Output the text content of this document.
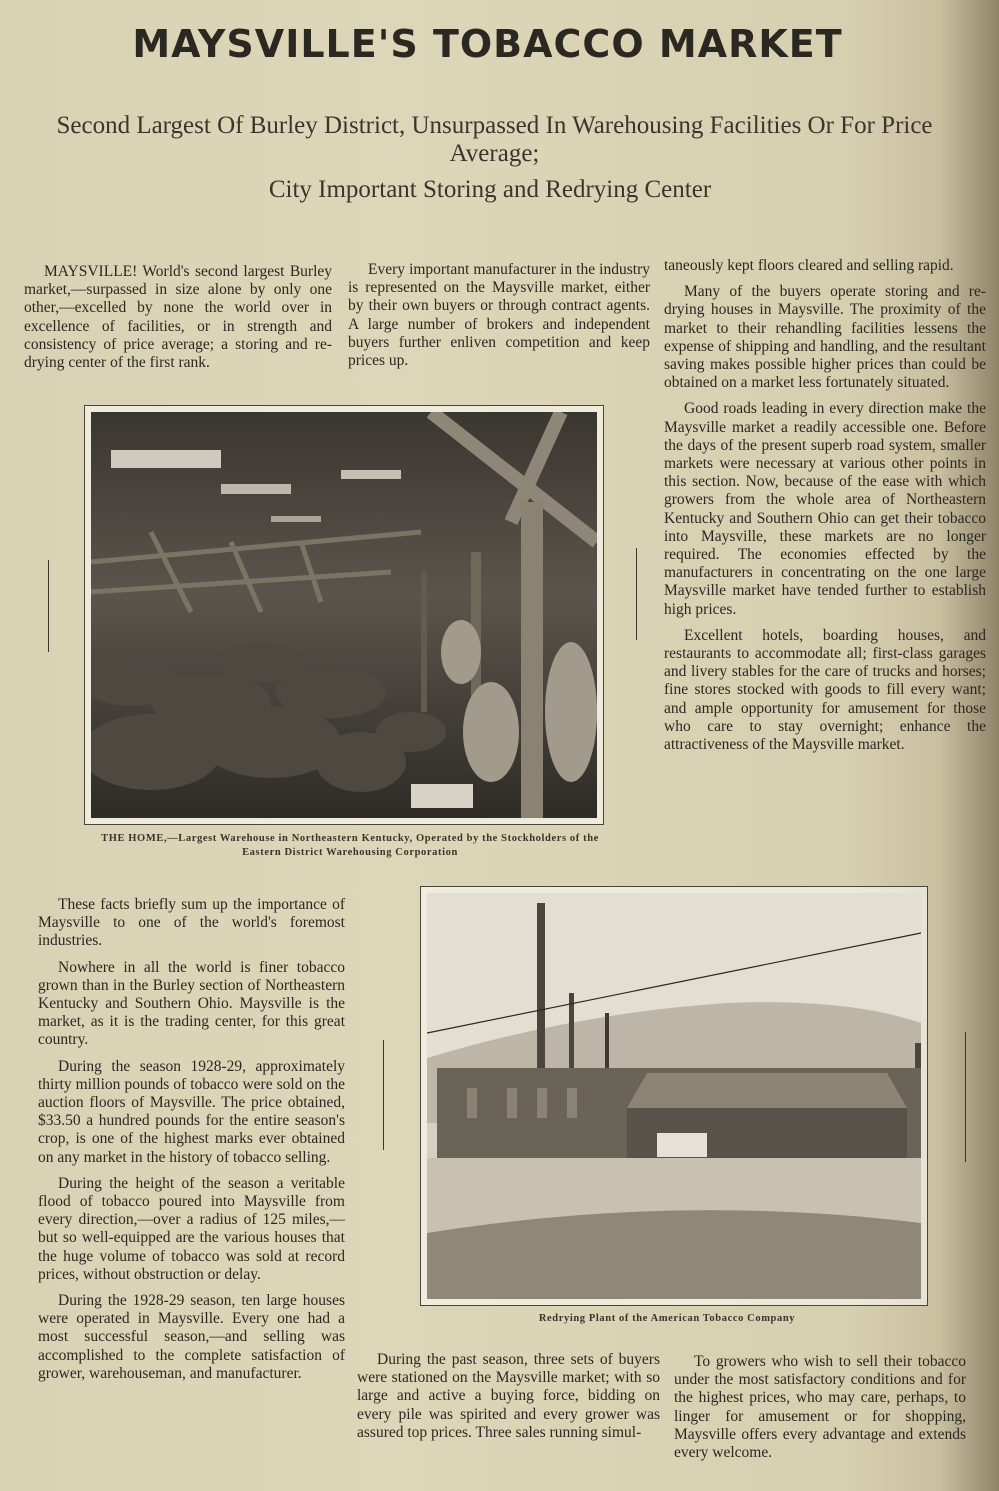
MAYSVILLE'S TOBACCO MARKET
Second Largest Of Burley District, Unsurpassed In Warehousing Facilities Or For Price Average;
City Important Storing and Redrying Center

MAYSVILLE! World's second largest Burley market,—surpassed in size alone by only one other,—excelled by none the world over in excellence of facilities, or in strength and consistency of price average; a storing and re-drying center of the first rank.

Every important manufacturer in the industry is represented on the Maysville market, either by their own buyers or through contract agents. A large number of brokers and independent buyers further enliven competition and keep prices up.

taneously kept floors cleared and selling rapid.

Many of the buyers operate storing and re-drying houses in Maysville. The proximity of the market to their rehandling facilities lessens the expense of shipping and handling, and the resultant saving makes possible higher prices than could be obtained on a market less fortunately situated.

Good roads leading in every direction make the Maysville market a readily accessible one. Before the days of the present superb road system, smaller markets were necessary at various other points in this section. Now, because of the ease with which growers from the whole area of Northeastern Kentucky and Southern Ohio can get their tobacco into Maysville, these markets are no longer required. The economies effected by the manufacturers in concentrating on the one large Maysville market have tended further to establish high prices.

Excellent hotels, boarding houses, and restaurants to accommodate all; first-class garages and livery stables for the care of trucks and horses; fine stores stocked with goods to fill every want; and ample opportunity for amusement for those who care to stay overnight; enhance the attractiveness of the Maysville market.

THE HOME,—Largest Warehouse in Northeastern Kentucky, Operated by the Stockholders of the Eastern District Warehousing Corporation

These facts briefly sum up the importance of Maysville to one of the world's foremost industries.

Nowhere in all the world is finer tobacco grown than in the Burley section of Northeastern Kentucky and Southern Ohio. Maysville is the market, as it is the trading center, for this great country.

During the season 1928-29, approximately thirty million pounds of tobacco were sold on the auction floors of Maysville. The price obtained, $33.50 a hundred pounds for the entire season's crop, is one of the highest marks ever obtained on any market in the history of tobacco selling.

During the height of the season a veritable flood of tobacco poured into Maysville from every direction,—over a radius of 125 miles,—but so well-equipped are the various houses that the huge volume of tobacco was sold at record prices, without obstruction or delay.

During the 1928-29 season, ten large houses were operated in Maysville. Every one had a most successful season,—and selling was accomplished to the complete satisfaction of grower, warehouseman, and manufacturer.

Redrying Plant of the American Tobacco Company

During the past season, three sets of buyers were stationed on the Maysville market; with so large and active a buying force, bidding on every pile was spirited and every grower was assured top prices. Three sales running simul-

To growers who wish to sell their tobacco under the most satisfactory conditions and for the highest prices, who may care, perhaps, to linger for amusement or for shopping, Maysville offers every advantage and extends every welcome.
